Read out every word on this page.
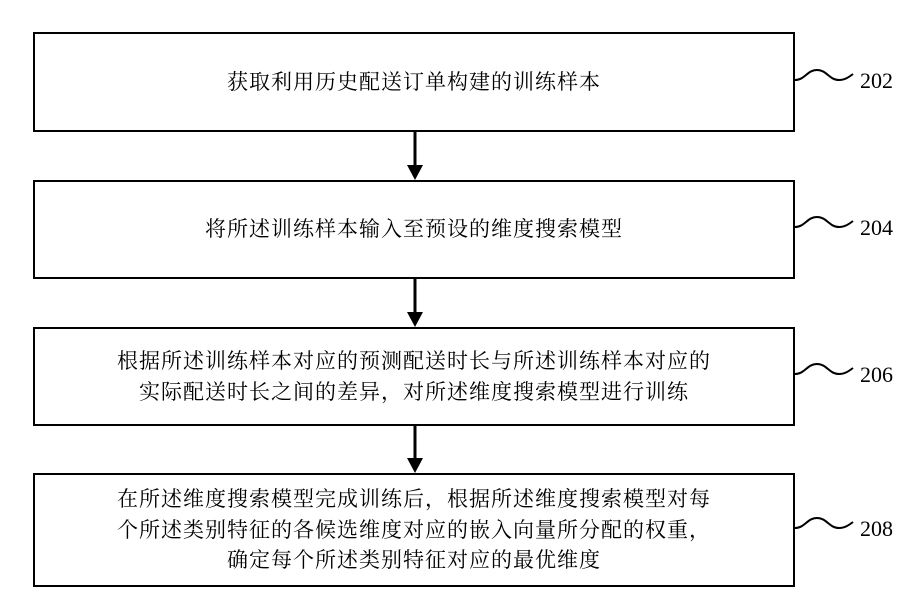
获取利用历史配送订单构建的训练样本	202
将所述训练样本输入至预设的维度搜索模型	204
根据所述训练样本对应的预测配送时长与所述训练样本对应的
实际配送时长之间的差异，对所述维度搜索模型进行训练
206
在所述维度搜索模型完成训练后，根据所述维度搜索模型对每
个所述类别特征的各候选维度对应的嵌入向量所分配的权重，
确定每个所述类别特征对应的最优维度
208
